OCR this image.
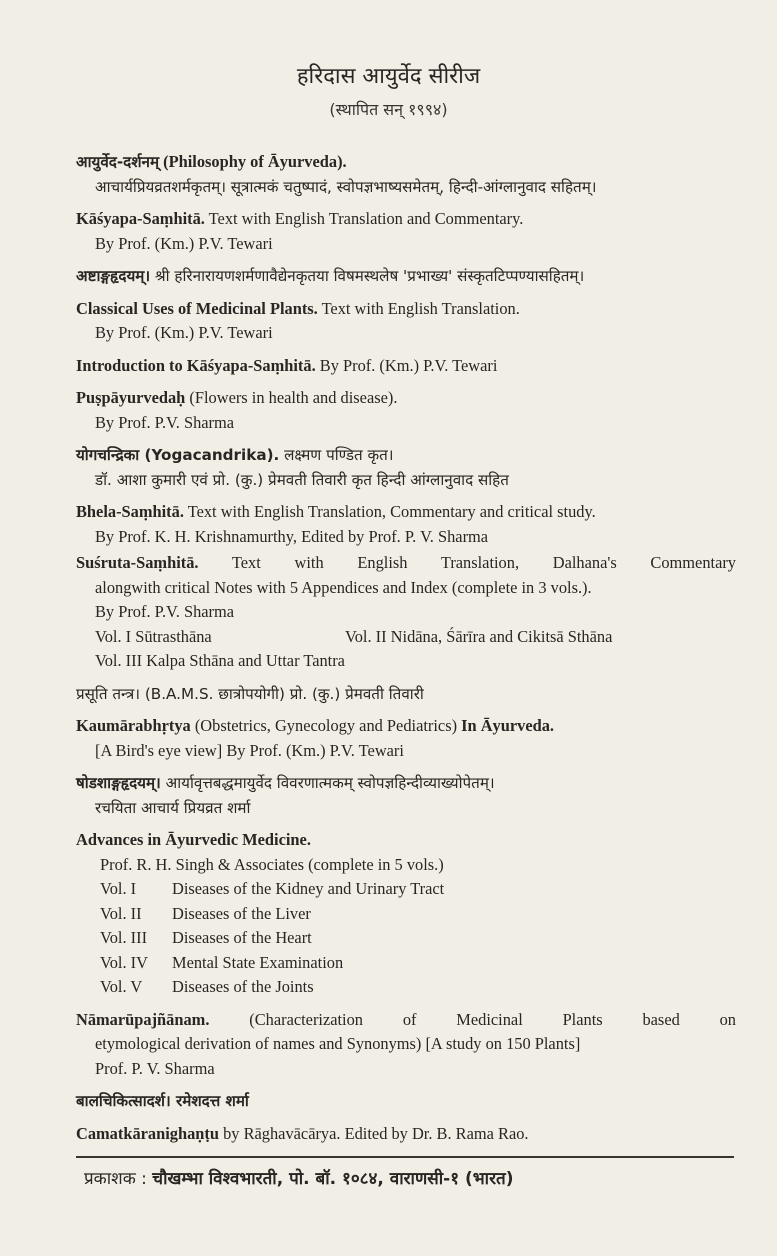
हरिदास आयुर्वेद सीरीज
(स्थापित सन् १९९४)
आयुर्वेद-दर्शनम् (Philosophy of Āyurveda).
आचार्यप्रियव्रतशर्मकृतम्। सूत्रात्मकं चतुष्पादं, स्वोपज्ञभाष्यसमेतम्, हिन्दी-आंग्लानुवाद सहितम्।
Kāśyapa-Saṃhitā. Text with English Translation and Commentary.
By Prof. (Km.) P.V. Tewari
अष्टाङ्गहृदयम्। श्री हरिनारायणशर्मणावैद्येनकृतया विषमस्थलेष 'प्रभाख्य' संस्कृतटिप्पण्यासहितम्।
Classical Uses of Medicinal Plants. Text with English Translation.
By Prof. (Km.) P.V. Tewari
Introduction to Kāśyapa-Saṃhitā. By Prof. (Km.) P.V. Tewari
Puṣpāyurvedaḥ (Flowers in health and disease).
By Prof. P.V. Sharma
योगचन्द्रिका (Yogacandrika). लक्ष्मण पण्डित कृत।
डॉ. आशा कुमारी एवं प्रो. (कु.) प्रेमवती तिवारी कृत हिन्दी आंग्लानुवाद सहित
Bhela-Saṃhitā. Text with English Translation, Commentary and critical study.
By Prof. K. H. Krishnamurthy, Edited by Prof. P. V. Sharma
Suśruta-Saṃhitā. Text with English Translation, Dalhana's Commentary
alongwith critical Notes with 5 Appendices and Index (complete in 3 vols.).
By Prof. P.V. Sharma
Vol. I Sūtrasthāna	Vol. II Nidāna, Śārīra and Cikitsā Sthāna
Vol. III Kalpa Sthāna and Uttar Tantra
प्रसूति तन्त्र। (B.A.M.S. छात्रोपयोगी) प्रो. (कु.) प्रेमवती तिवारी
Kaumārabhṛtya (Obstetrics, Gynecology and Pediatrics) In Āyurveda.
[A Bird's eye view] By Prof. (Km.) P.V. Tewari
षोडशाङ्गहृदयम्। आर्यावृत्तबद्धमायुर्वेद विवरणात्मकम् स्वोपज्ञहिन्दीव्याख्योपेतम्।
रचयिता आचार्य प्रियव्रत शर्मा
Advances in Āyurvedic Medicine.
Prof. R. H. Singh & Associates (complete in 5 vols.)
Vol. I Diseases of the Kidney and Urinary Tract
Vol. II Diseases of the Liver
Vol. III Diseases of the Heart
Vol. IV Mental State Examination
Vol. V Diseases of the Joints
Nāmarūpajñānam. (Characterization of Medicinal Plants based on
etymological derivation of names and Synonyms) [A study on 150 Plants]
Prof. P. V. Sharma
बालचिकित्सादर्श। रमेशदत्त शर्मा
Camatkāranighaṇṭu by Rāghavācārya. Edited by Dr. B. Rama Rao.
प्रकाशक : चौखम्भा विश्वभारती, पो. बॉ. १०८४, वाराणसी-१ (भारत)
